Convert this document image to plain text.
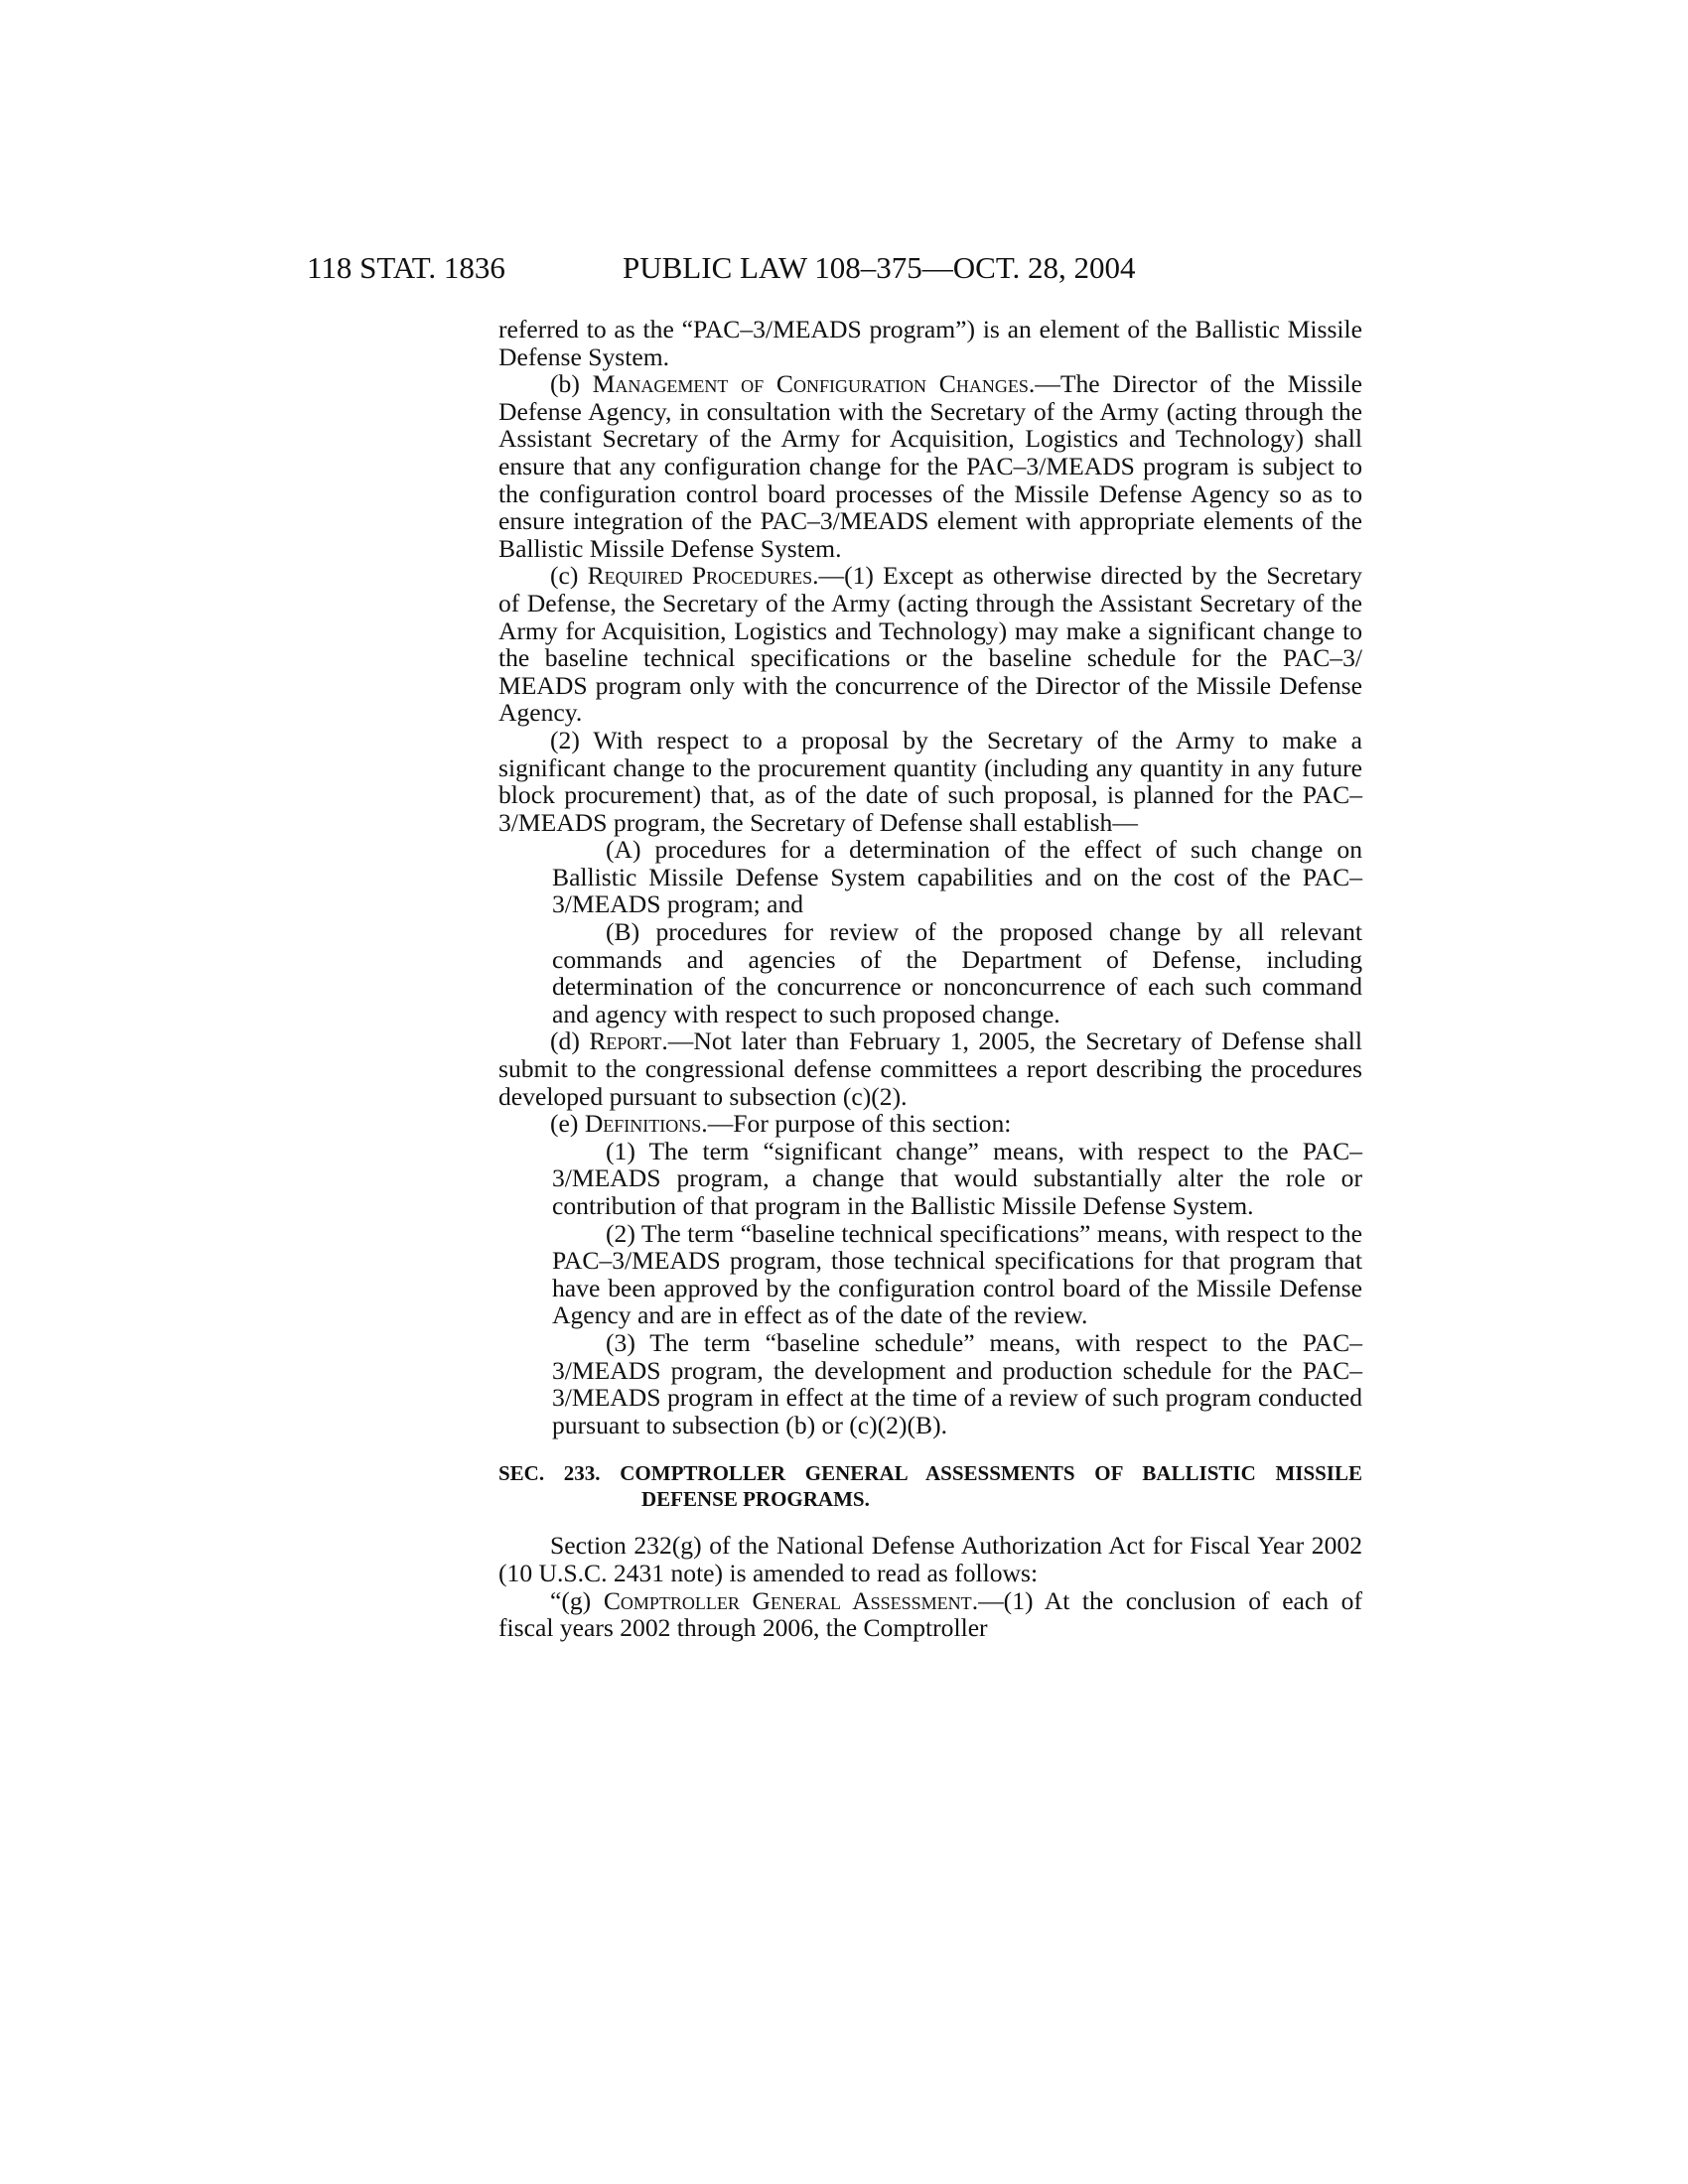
118 STAT. 1836	PUBLIC LAW 108–375—OCT. 28, 2004

referred to as the “PAC–3/MEADS program”) is an element of the Ballistic Missile Defense System.

(b) Management of Configuration Changes.—The Director of the Missile Defense Agency, in consultation with the Secretary of the Army (acting through the Assistant Secretary of the Army for Acquisition, Logistics and Technology) shall ensure that any configuration change for the PAC–3/MEADS program is subject to the configuration control board processes of the Missile Defense Agency so as to ensure integration of the PAC–3/MEADS element with appropriate elements of the Ballistic Missile Defense System.

(c) Required Procedures.—(1) Except as otherwise directed by the Secretary of Defense, the Secretary of the Army (acting through the Assistant Secretary of the Army for Acquisition, Logistics and Technology) may make a significant change to the baseline technical specifications or the baseline schedule for the PAC–3/ MEADS program only with the concurrence of the Director of the Missile Defense Agency.

(2) With respect to a proposal by the Secretary of the Army to make a significant change to the procurement quantity (including any quantity in any future block procurement) that, as of the date of such proposal, is planned for the PAC–3/MEADS program, the Secretary of Defense shall establish—

(A) procedures for a determination of the effect of such change on Ballistic Missile Defense System capabilities and on the cost of the PAC–3/MEADS program; and

(B) procedures for review of the proposed change by all relevant commands and agencies of the Department of Defense, including determination of the concurrence or nonconcurrence of each such command and agency with respect to such proposed change.

(d) Report.—Not later than February 1, 2005, the Secretary of Defense shall submit to the congressional defense committees a report describing the procedures developed pursuant to subsection (c)(2).

(e) Definitions.—For purpose of this section:

(1) The term “significant change” means, with respect to the PAC–3/MEADS program, a change that would substantially alter the role or contribution of that program in the Ballistic Missile Defense System.

(2) The term “baseline technical specifications” means, with respect to the PAC–3/MEADS program, those technical specifications for that program that have been approved by the configuration control board of the Missile Defense Agency and are in effect as of the date of the review.

(3) The term “baseline schedule” means, with respect to the PAC–3/MEADS program, the development and production schedule for the PAC–3/MEADS program in effect at the time of a review of such program conducted pursuant to subsection (b) or (c)(2)(B).

SEC. 233. COMPTROLLER GENERAL ASSESSMENTS OF BALLISTIC MISSILE DEFENSE PROGRAMS.

Section 232(g) of the National Defense Authorization Act for Fiscal Year 2002 (10 U.S.C. 2431 note) is amended to read as follows:

“(g) Comptroller General Assessment.—(1) At the conclusion of each of fiscal years 2002 through 2006, the Comptroller
